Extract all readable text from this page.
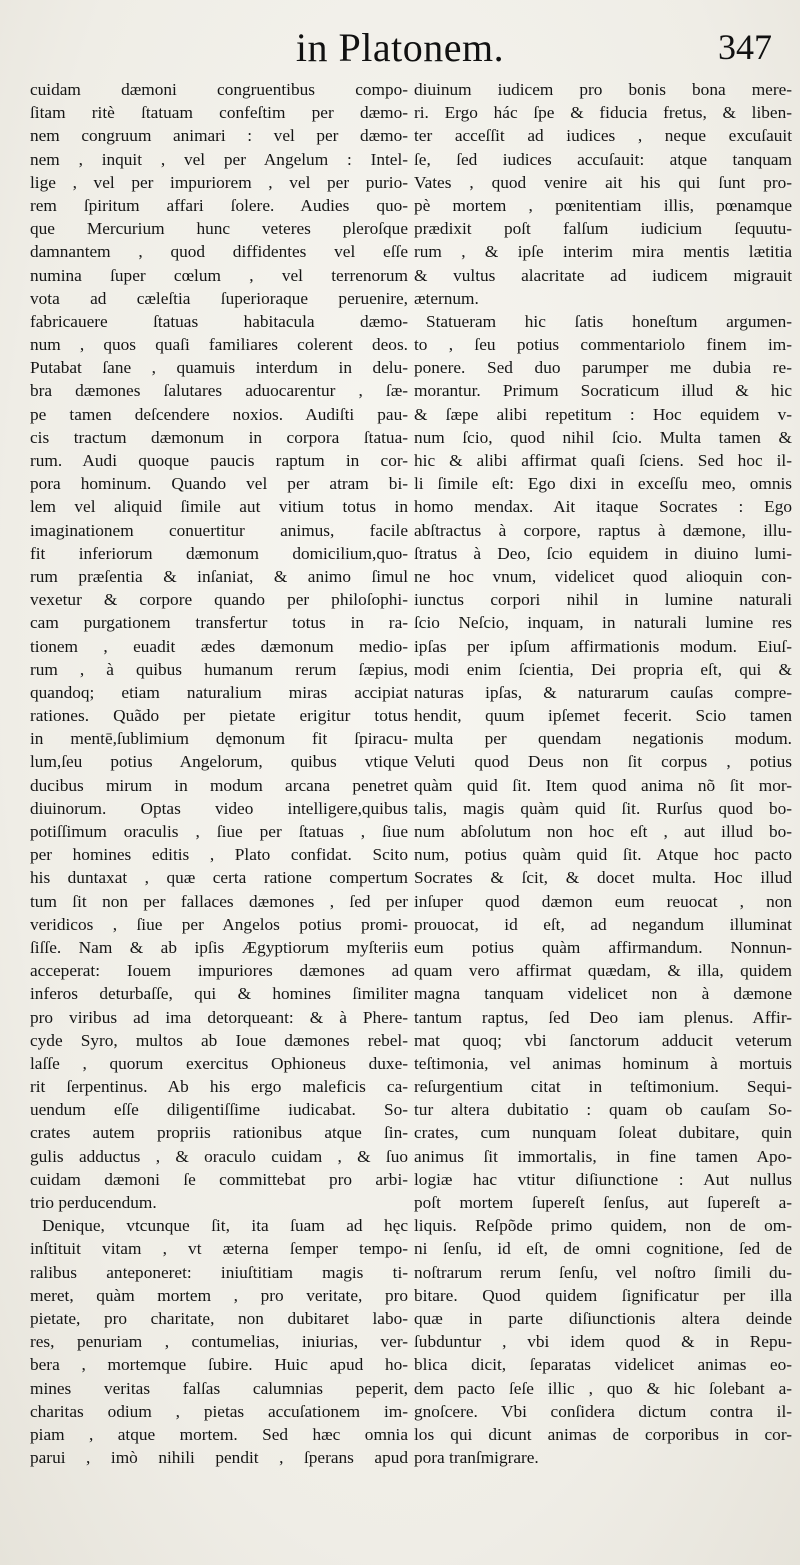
in Platonem.	347
cuidam dæmoni congruentibus compo-
ſitam ritè ſtatuam confeſtim per dæmo-
nem congruum animari : vel per dæmo-
nem , inquit , vel per Angelum : Intel-
lige , vel per impuriorem , vel per purio-
rem ſpiritum affari ſolere. Audies quo-
que Mercurium hunc veteres pleroſque
damnantem , quod diffidentes vel eſſe
numina ſuper cœlum , vel terrenorum
vota ad cæleſtia ſuperioraque peruenire,
fabricauere ſtatuas habitacula dæmo-
num , quos quaſi familiares colerent deos.
Putabat ſane , quamuis interdum in delu-
bra dæmones ſalutares aduocarentur , ſæ-
pe tamen deſcendere noxios. Audiſti pau-
cis tractum dæmonum in corpora ſtatua-
rum. Audi quoque paucis raptum in cor-
pora hominum. Quando vel per atram bi-
lem vel aliquid ſimile aut vitium totus in
imaginationem conuertitur animus, facile
fit inferiorum dæmonum domicilium,quo-
rum præſentia & inſaniat, & animo ſimul
vexetur & corpore quando per philoſophi-
cam purgationem transfertur totus in ra-
tionem , euadit ædes dæmonum medio-
rum , à quibus humanum rerum ſæpius,
quandoq; etiam naturalium miras accipiat
rationes. Quãdo per pietate erigitur totus
in mentē,ſublimium dęmonum fit ſpiracu-
lum,ſeu potius Angelorum, quibus vtique
ducibus mirum in modum arcana penetret
diuinorum. Optas video intelligere,quibus
potiſſimum oraculis , ſiue per ſtatuas , ſiue
per homines editis , Plato confidat. Scito
his duntaxat , quæ certa ratione compertum
tum ſit non per fallaces dæmones , ſed per
veridicos , ſiue per Angelos potius promi-
ſiſſe. Nam & ab ipſis Ægyptiorum myſteriis
acceperat: Iouem impuriores dæmones ad
inferos deturbaſſe, qui & homines ſimiliter
pro viribus ad ima detorqueant: & à Phere-
cyde Syro, multos ab Ioue dæmones rebel-
laſſe , quorum exercitus Ophioneus duxe-
rit ſerpentinus. Ab his ergo maleficis ca-
uendum eſſe diligentiſſime iudicabat. So-
crates autem propriis rationibus atque ſin-
gulis adductus , & oraculo cuidam , & ſuo
cuidam dæmoni ſe committebat pro arbi-
trio perducendum.
Denique, vtcunque ſit, ita ſuam ad hęc
inſtituit vitam , vt æterna ſemper tempo-
ralibus anteponeret: iniuſtitiam magis ti-
meret, quàm mortem , pro veritate, pro
pietate, pro charitate, non dubitaret labo-
res, penuriam , contumelias, iniurias, ver-
bera , mortemque ſubire. Huic apud ho-
mines veritas falſas calumnias peperit,
charitas odium , pietas accuſationem im-
piam , atque mortem. Sed hæc omnia
parui , imò nihili pendit , ſperans apud
diuinum iudicem pro bonis bona mere-
ri. Ergo hác ſpe & fiducia fretus, & liben-
ter acceſſit ad iudices , neque excuſauit
ſe, ſed iudices accuſauit: atque tanquam
Vates , quod venire ait his qui ſunt pro-
pè mortem , pœnitentiam illis, pœnamque
prædixit poſt falſum iudicium ſequutu-
rum , & ipſe interim mira mentis lætitia
& vultus alacritate ad iudicem migrauit
æternum.
Statueram hic ſatis honeſtum argumen-
to , ſeu potius commentariolo finem im-
ponere. Sed duo parumper me dubia re-
morantur. Primum Socraticum illud & hic
& ſæpe alibi repetitum : Hoc equidem v-
num ſcio, quod nihil ſcio. Multa tamen &
hic & alibi affirmat quaſi ſciens. Sed hoc il-
li ſimile eſt: Ego dixi in exceſſu meo, omnis
homo mendax. Ait itaque Socrates : Ego
abſtractus à corpore, raptus à dæmone, illu-
ſtratus à Deo, ſcio equidem in diuino lumi-
ne hoc vnum, videlicet quod alioquin con-
iunctus corpori nihil in lumine naturali
ſcio Neſcio, inquam, in naturali lumine res
ipſas per ipſum affirmationis modum. Eiuſ-
modi enim ſcientia, Dei propria eſt, qui &
naturas ipſas, & naturarum cauſas compre-
hendit, quum ipſemet fecerit. Scio tamen
multa per quendam negationis modum.
Veluti quod Deus non ſit corpus , potius
quàm quid ſit. Item quod anima nõ ſit mor-
talis, magis quàm quid ſit. Rurſus quod bo-
num abſolutum non hoc eſt , aut illud bo-
num, potius quàm quid ſit. Atque hoc pacto
Socrates & ſcit, & docet multa. Hoc illud
inſuper quod dæmon eum reuocat , non
prouocat, id eſt, ad negandum illuminat
eum potius quàm affirmandum. Nonnun-
quam vero affirmat quædam, & illa, quidem
magna tanquam videlicet non à dæmone
tantum raptus, ſed Deo iam plenus. Affir-
mat quoq; vbi ſanctorum adducit veterum
teſtimonia, vel animas hominum à mortuis
reſurgentium citat in teſtimonium. Sequi-
tur altera dubitatio : quam ob cauſam So-
crates, cum nunquam ſoleat dubitare, quin
animus ſit immortalis, in fine tamen Apo-
logiæ hac vtitur diſiunctione : Aut nullus
poſt mortem ſupereſt ſenſus, aut ſupereſt a-
liquis. Reſpõde primo quidem, non de om-
ni ſenſu, id eſt, de omni cognitione, ſed de
noſtrarum rerum ſenſu, vel noſtro ſimili du-
bitare. Quod quidem ſignificatur per illa
quæ in parte diſiunctionis altera deinde
ſubduntur , vbi idem quod & in Repu-
blica dicit, ſeparatas videlicet animas eo-
dem pacto ſeſe illic , quo & hic ſolebant a-
gnoſcere. Vbi conſidera dictum contra il-
los qui dicunt animas de corporibus in cor-
pora tranſmigrare.
